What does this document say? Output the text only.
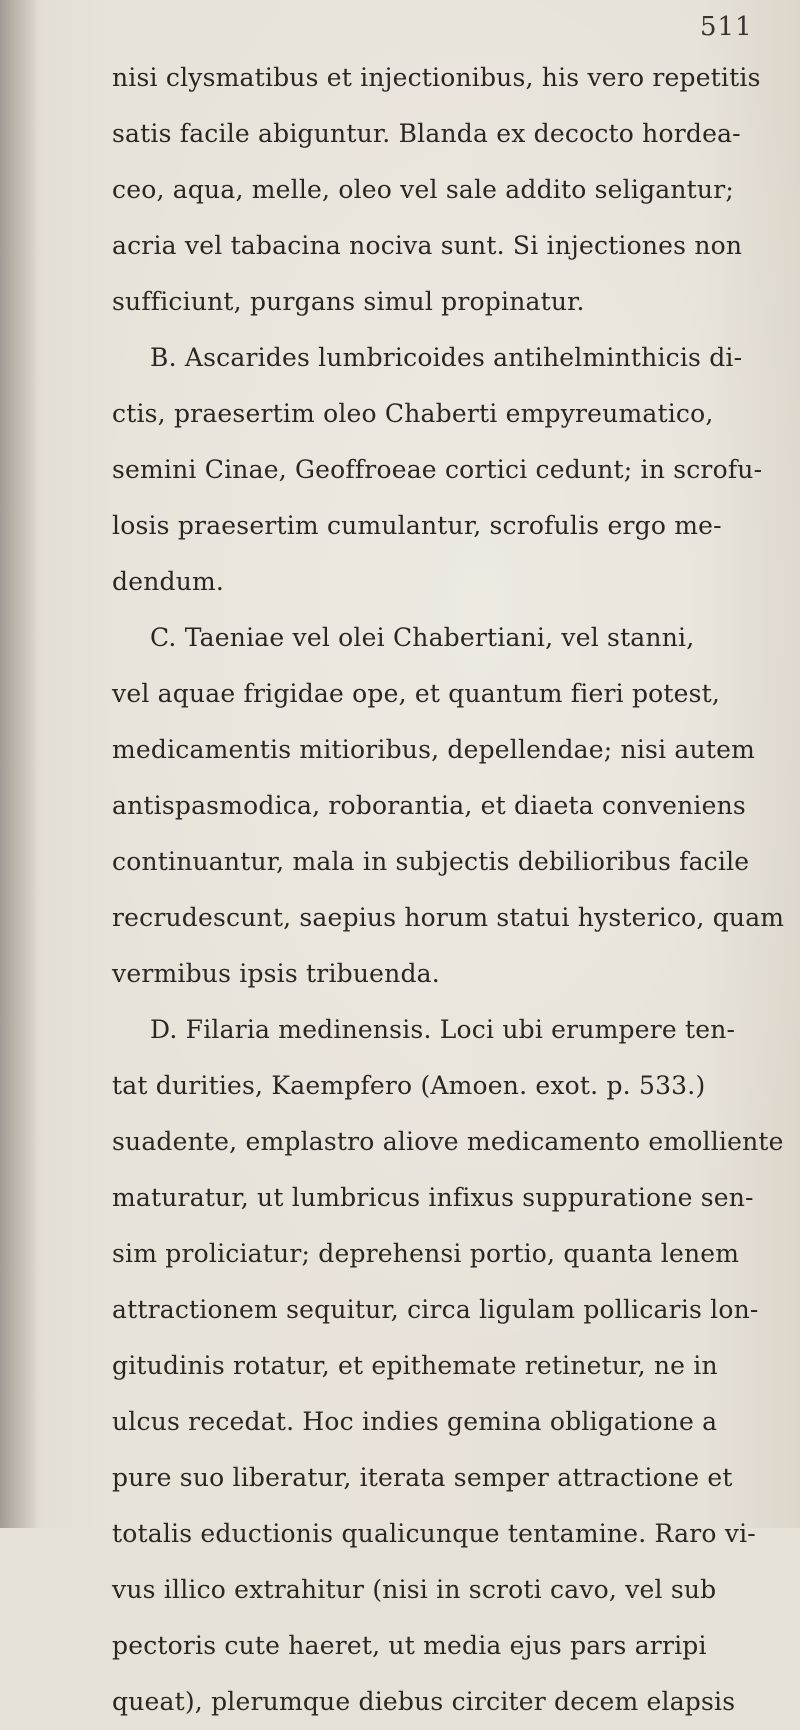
511
nisi clysmatibus et injectionibus, his vero repetitis
satis facile abiguntur. Blanda ex decocto hordea-
ceo, aqua, melle, oleo vel sale addito seligantur;
acria vel tabacina nociva sunt. Si injectiones non
sufficiunt, purgans simul propinatur.
B. Ascarides lumbricoides antihelminthicis di-
ctis, praesertim oleo Chaberti empyreumatico,
semini Cinae, Geoffroeae cortici cedunt; in scrofu-
losis praesertim cumulantur, scrofulis ergo me-
dendum.
C. Taeniae vel olei Chabertiani, vel stanni,
vel aquae frigidae ope, et quantum fieri potest,
medicamentis mitioribus, depellendae; nisi autem
antispasmodica, roborantia, et diaeta conveniens
continuantur, mala in subjectis debilioribus facile
recrudescunt, saepius horum statui hysterico, quam
vermibus ipsis tribuenda.
D. Filaria medinensis. Loci ubi erumpere ten-
tat durities, Kaempfero (Amoen. exot. p. 533.)
suadente, emplastro aliove medicamento emolliente
maturatur, ut lumbricus infixus suppuratione sen-
sim proliciatur; deprehensi portio, quanta lenem
attractionem sequitur, circa ligulam pollicaris lon-
gitudinis rotatur, et epithemate retinetur, ne in
ulcus recedat. Hoc indies gemina obligatione a
pure suo liberatur, iterata semper attractione et
totalis eductionis qualicunque tentamine. Raro vi-
vus illico extrahitur (nisi in scroti cavo, vel sub
pectoris cute haeret, ut media ejus pars arripi
queat), plerumque diebus circiter decem elapsis
